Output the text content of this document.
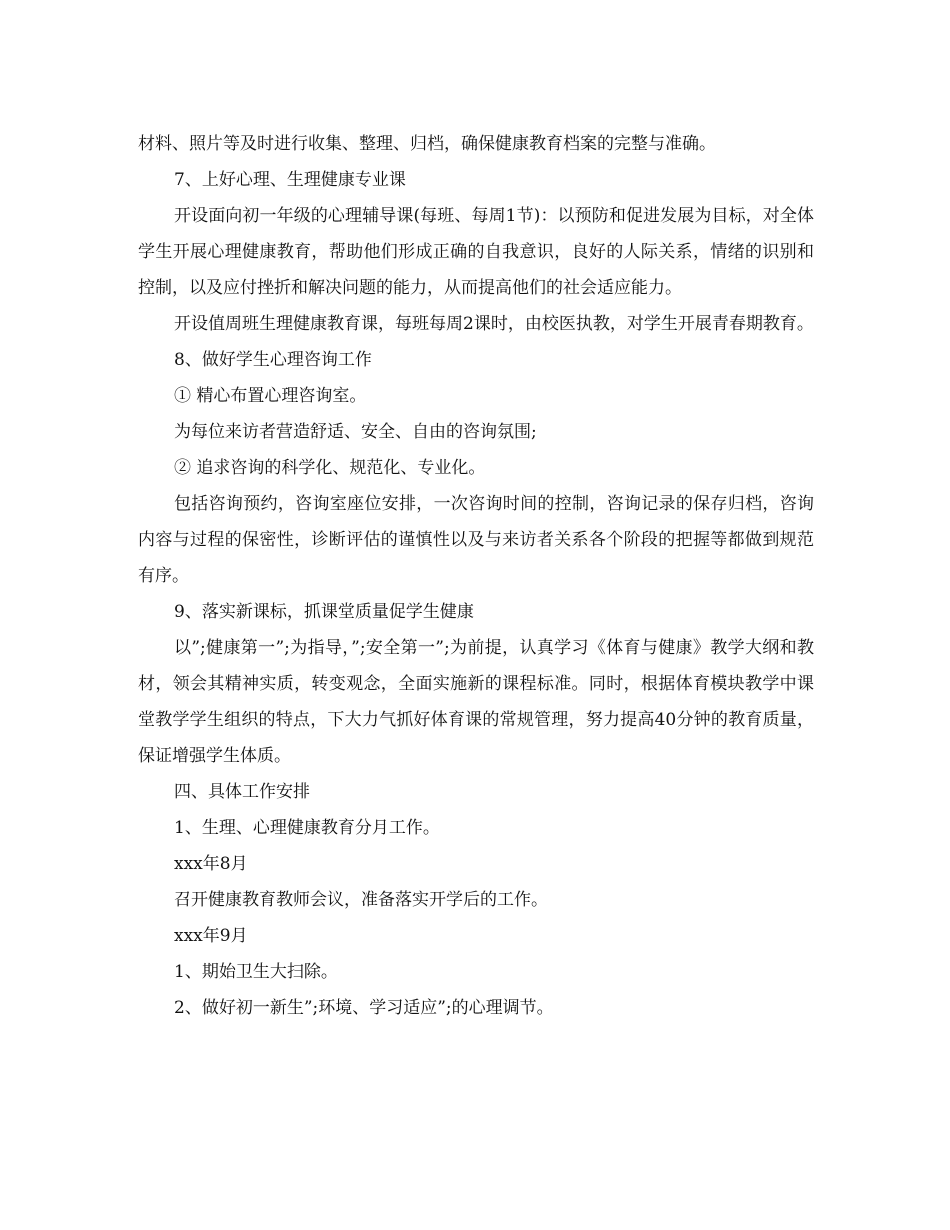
材料、照片等及时进行收集、整理、归档，确保健康教育档案的完整与准确。

7、上好心理、生理健康专业课

开设面向初一年级的心理辅导课(每班、每周1节)：以预防和促进发展为目标，对全体学生开展心理健康教育，帮助他们形成正确的自我意识，良好的人际关系，情绪的识别和控制，以及应付挫折和解决问题的能力，从而提高他们的社会适应能力。

开设值周班生理健康教育课，每班每周2课时，由校医执教，对学生开展青春期教育。

8、做好学生心理咨询工作

① 精心布置心理咨询室。

为每位来访者营造舒适、安全、自由的咨询氛围;

② 追求咨询的科学化、规范化、专业化。

包括咨询预约，咨询室座位安排，一次咨询时间的控制，咨询记录的保存归档，咨询内容与过程的保密性，诊断评估的谨慎性以及与来访者关系各个阶段的把握等都做到规范有序。

9、落实新课标，抓课堂质量促学生健康

以”;健康第一”;为指导，”;安全第一”;为前提，认真学习《体育与健康》教学大纲和教材，领会其精神实质，转变观念，全面实施新的课程标准。同时，根据体育模块教学中课堂教学学生组织的特点，下大力气抓好体育课的常规管理，努力提高40分钟的教育质量，保证增强学生体质。

四、具体工作安排

1、生理、心理健康教育分月工作。

xxx年8月

召开健康教育教师会议，准备落实开学后的工作。

xxx年9月

1、期始卫生大扫除。

2、做好初一新生”;环境、学习适应”;的心理调节。
